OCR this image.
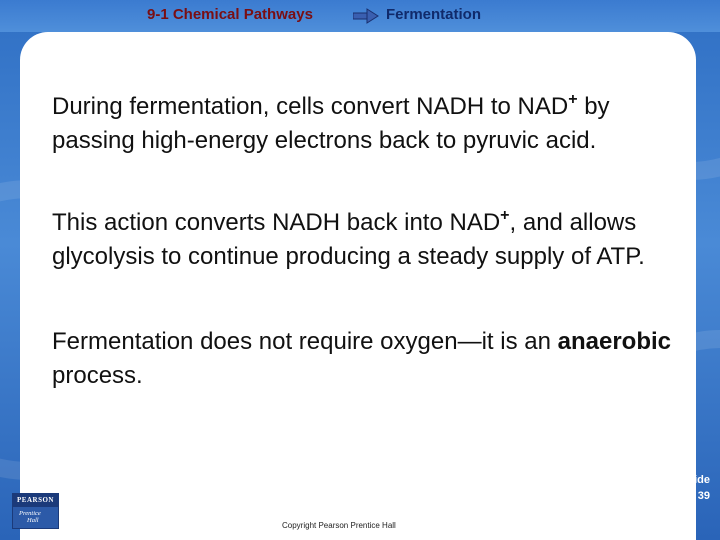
9-1 Chemical Pathways	Fermentation
During fermentation, cells convert NADH to NAD+ by passing high-energy electrons back to pyruvic acid.
This action converts NADH back into NAD+, and allows glycolysis to continue producing a steady supply of ATP.
Fermentation does not require oxygen—it is an anaerobic process.
PEARSON
Prentice
Hall
Copyright Pearson Prentice Hall
Slide
24 of 39
